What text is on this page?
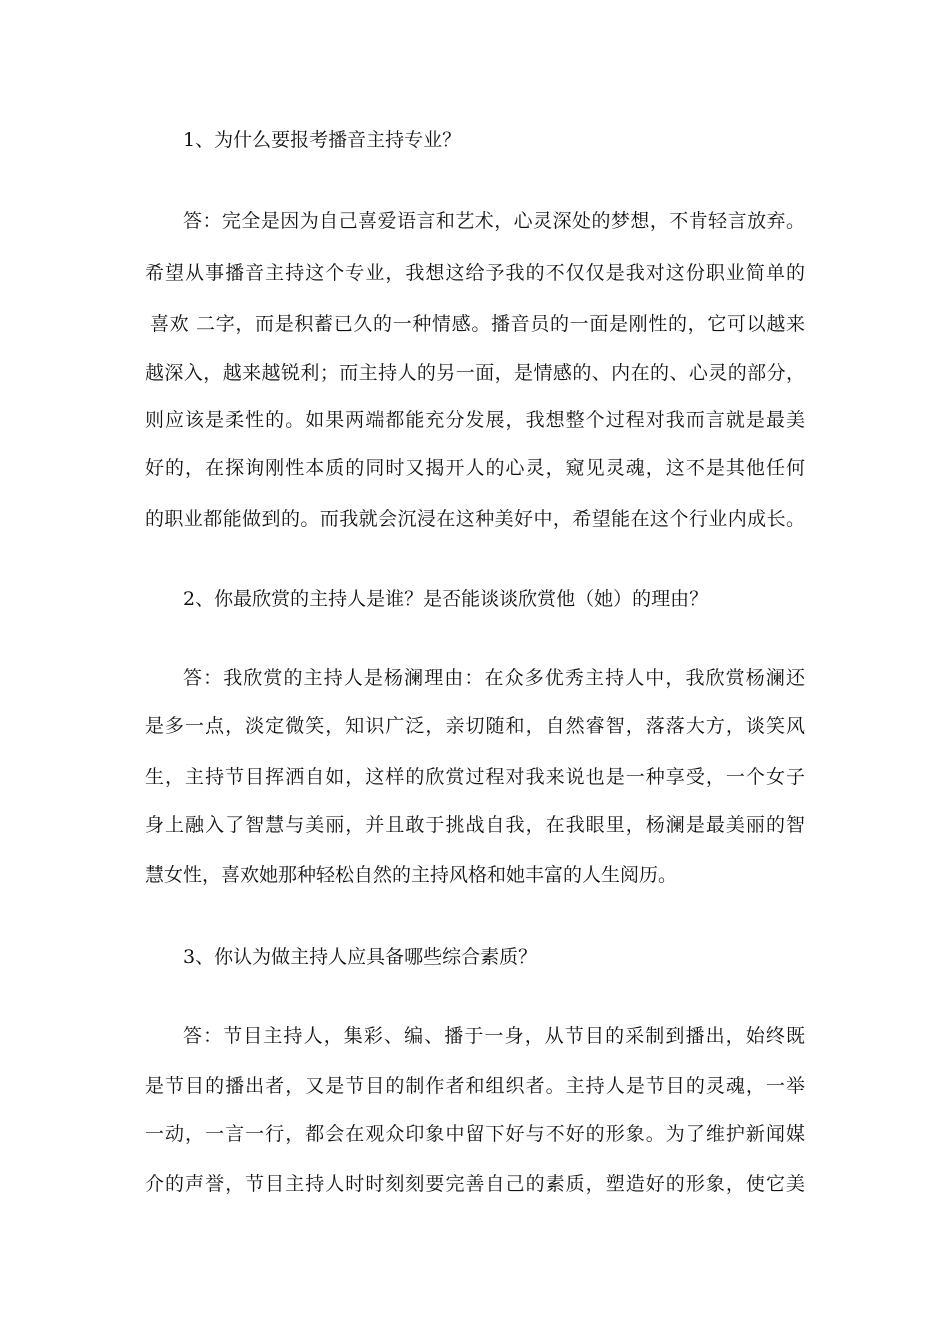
1、为什么要报考播音主持专业？
答：完全是因为自己喜爱语言和艺术，心灵深处的梦想，不肯轻言放弃。
希望从事播音主持这个专业，我想这给予我的不仅仅是我对这份职业简单的
喜欢 二字，而是积蓄已久的一种情感。播音员的一面是刚性的，它可以越来
越深入，越来越锐利；而主持人的另一面，是情感的、内在的、心灵的部分，
则应该是柔性的。如果两端都能充分发展，我想整个过程对我而言就是最美
好的，在探询刚性本质的同时又揭开人的心灵，窥见灵魂，这不是其他任何
的职业都能做到的。而我就会沉浸在这种美好中，希望能在这个行业内成长。
2、你最欣赏的主持人是谁？是否能谈谈欣赏他（她）的理由？
答：我欣赏的主持人是杨澜理由：在众多优秀主持人中，我欣赏杨澜还
是多一点，淡定微笑，知识广泛，亲切随和，自然睿智，落落大方，谈笑风
生，主持节目挥洒自如，这样的欣赏过程对我来说也是一种享受，一个女子
身上融入了智慧与美丽，并且敢于挑战自我，在我眼里，杨澜是最美丽的智
慧女性，喜欢她那种轻松自然的主持风格和她丰富的人生阅历。
3、你认为做主持人应具备哪些综合素质？
答：节目主持人，集彩、编、播于一身，从节目的采制到播出，始终既
是节目的播出者，又是节目的制作者和组织者。主持人是节目的灵魂，一举
一动，一言一行，都会在观众印象中留下好与不好的形象。为了维护新闻媒
介的声誉，节目主持人时时刻刻要完善自己的素质，塑造好的形象，使它美
